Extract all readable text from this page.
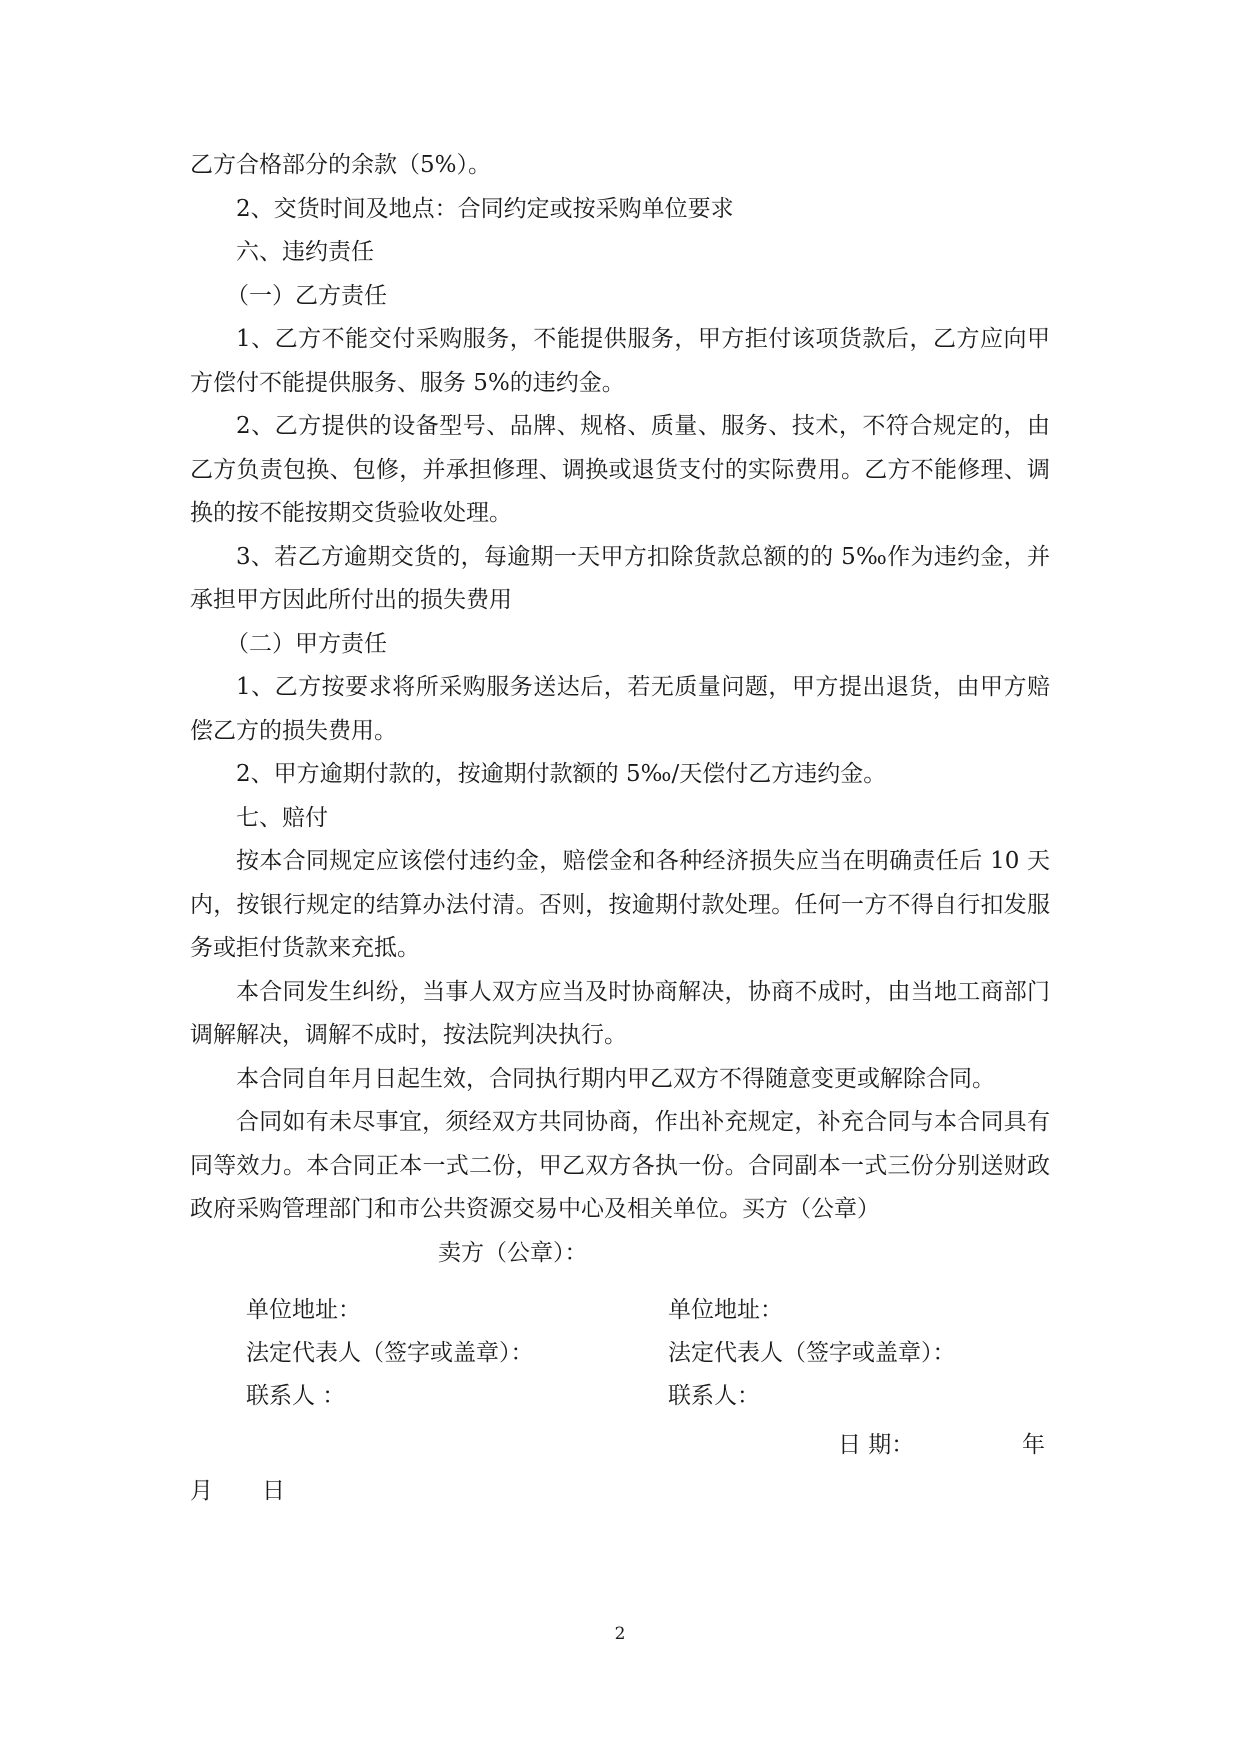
乙方合格部分的余款（5%）。

2、交货时间及地点：合同约定或按采购单位要求

六、违约责任

（一）乙方责任

1、乙方不能交付采购服务，不能提供服务，甲方拒付该项货款后，乙方应向甲方偿付不能提供服务、服务 5%的违约金。

2、乙方提供的设备型号、品牌、规格、质量、服务、技术，不符合规定的，由乙方负责包换、包修，并承担修理、调换或退货支付的实际费用。乙方不能修理、调换的按不能按期交货验收处理。

3、若乙方逾期交货的，每逾期一天甲方扣除货款总额的的 5‰作为违约金，并承担甲方因此所付出的损失费用

（二）甲方责任

1、乙方按要求将所采购服务送达后，若无质量问题，甲方提出退货，由甲方赔偿乙方的损失费用。

2、甲方逾期付款的，按逾期付款额的 5‰/天偿付乙方违约金。

七、赔付

按本合同规定应该偿付违约金，赔偿金和各种经济损失应当在明确责任后 10 天内，按银行规定的结算办法付清。否则，按逾期付款处理。任何一方不得自行扣发服务或拒付货款来充抵。

本合同发生纠纷，当事人双方应当及时协商解决，协商不成时，由当地工商部门调解解决，调解不成时，按法院判决执行。

本合同自年月日起生效，合同执行期内甲乙双方不得随意变更或解除合同。

合同如有未尽事宜，须经双方共同协商，作出补充规定，补充合同与本合同具有同等效力。本合同正本一式二份，甲乙双方各执一份。合同副本一式三份分别送财政政府采购管理部门和市公共资源交易中心及相关单位。买方（公章）

卖方（公章）：

单位地址：
法定代表人（签字或盖章）：
联系人 ：
单位地址：
法定代表人（签字或盖章）：
联系人：
日 期：	年
月 日
2
